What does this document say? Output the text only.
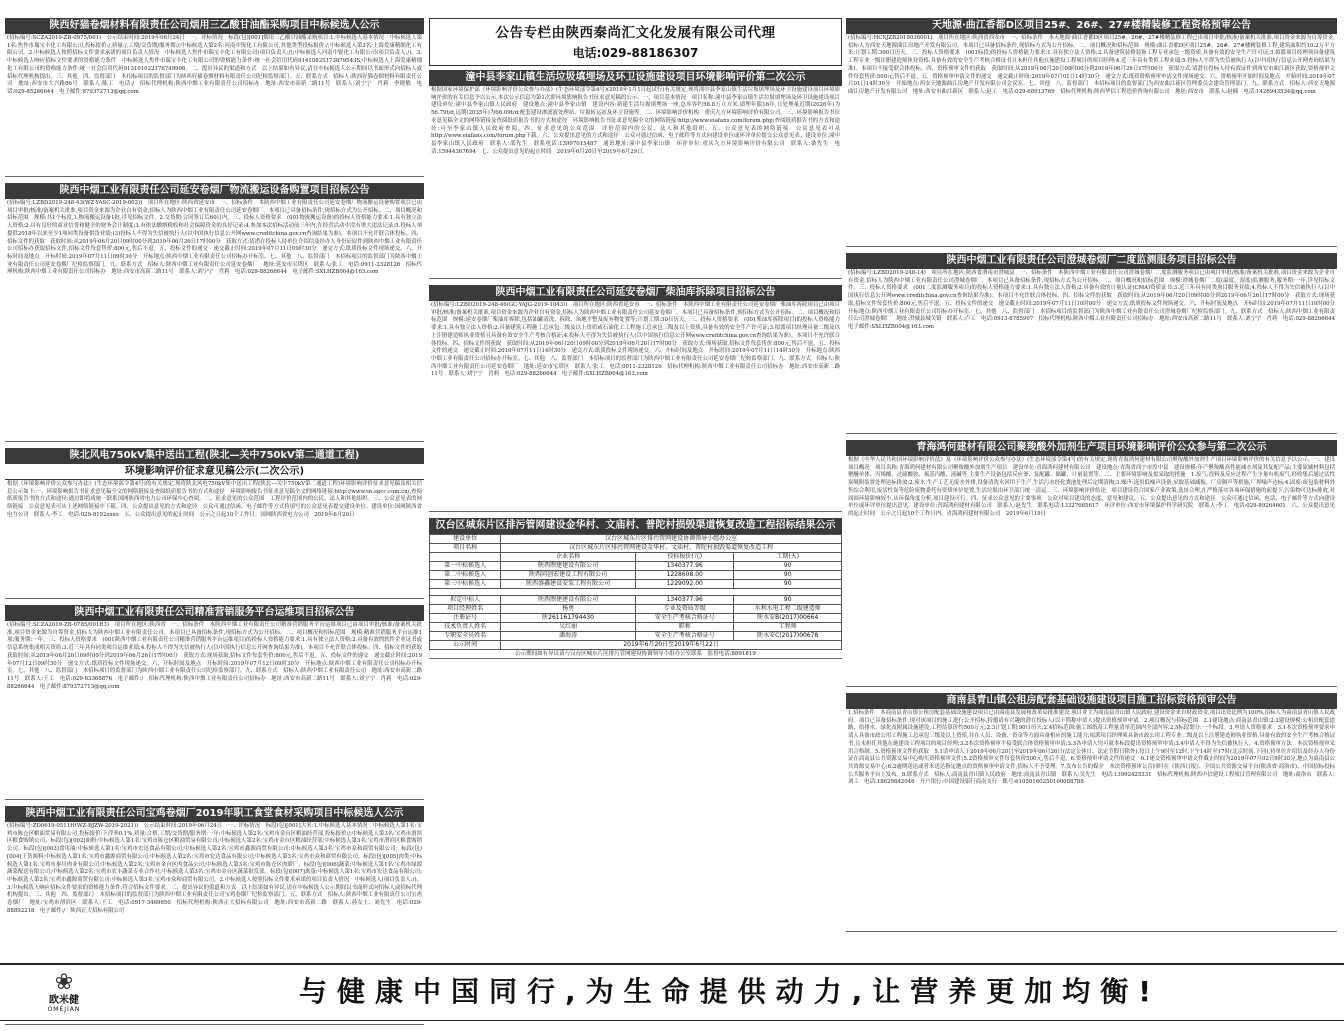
陕西好猫卷烟材料有限责任公司烟用三乙酸甘油酯采购项目中标候选人公示

(招标编号:SCZA2019-ZB-0975/001)　公示结束时间:2019年06月24日　一、评标情况　标段(包)[001]烟用三乙酸甘油酯采购项目:1.中标候选人基本情况　中标候选人第1名:焦作市瑞宝丰化工有限公司,投标报价:/,质量:/,工期/交货期/服务期:/;中标候选人第2名:河南中锐化工有限公司,其他类型投标报价:/;中标候选人第3名:上海爱康精细化工有限公司。2.中标候选人按照招标文件要求承诺的项目负责人情况　中标候选人焦作市瑞宝丰化工有限公司(项目负责人:/);中标候选人河南中锐化工有限公司(项目负责人:/)。3.中标候选人响应招标文件要求的资格能力条件　中标候选人焦作市瑞宝丰化工有限公司的资格能力条件:统一社会信用代码91410825173879543S;中标候选人上海爱康精细化工有限公司的资格能力条件:统一社会信用代码913101022176749906。二、提出异议的渠道和方式　以上结果如有异议,请在中标候选人公示期间以书面形式向招标人或招标代理机构提出。三、其他　四、监督部门　本招标项目的监督部门为陕西好猫卷烟材料有限责任公司纪检监察部门。五、联系方式　招标人:陕西好猫卷烟材料有限责任公司　地址:西安市大兴路86号　联系人:陈工　电话:/　招标代理机构:陕西中烟工业有限责任公司招标办　地址:西安市高新二路11号　联系人:刘宁宁　肖莉　李晓敏　电话:029-85266644　电子邮件:879372713@qq.com

陕西中烟工业有限责任公司延安卷烟厂物流搬运设备购置项目招标公告

(招标编号:LZBD2019-248-43(WZ-YASC-2019-002))　项目所在地区:陕西省延安市　一、招标条件　本陕西中烟工业有限责任公司延安卷烟厂物流搬运设备购置项目已由项目审批/核准/备案机关批准,项目资金来源为企业自有资金,招标人为陕西中烟工业有限责任公司延安卷烟厂。本项目已具备招标条件,现招标方式为公开招标。二、项目概况和招标范围　规模:共1个标段,1.物流搬运设备1批,详见招标文件。2.交货期:合同签订后60日内。三、投标人资格要求　(001物流搬运设备)的投标人资格能力要求:1.具有独立法人资格;2.具有良好的商业信誉和健全的财务会计制度;3.有依法缴纳税收和社会保障资金的良好记录;4.参加本次招标活动前三年内,在经营活动中没有重大违法记录;5.投标人须提供2018年以来至少1项同类设备供货业绩;(3)投标人不得为失信被执行人(以中国执行信息公开网www.creditchina.gov.cn查询结果为准)。本项目不允许联合体投标。四、招标文件的获取　获取时间:从2019年06月20日09时00分到2019年06月26日17时00分　获取方式:请潜在投标人持单位介绍信及经办人身份证原件到陕西中烟工业有限责任公司招标办获取招标文件,招标文件每套售价:800元,售后不退。五、投标文件的递交　递交截止时间:2019年07月11日09时30分　递交方式:纸质投标文件现场递交。六、开标时间及地点　开标时间:2019年07月11日09时30分　开标地点:陕西中烟工业有限责任公司招标办开标室。七、其他　八、监督部门　本招标项目的监督部门为陕西中烟工业有限责任公司延安卷烟厂纪检监察部门。九、联系方式　招标人:陕西中烟工业有限责任公司延安卷烟厂　地址:延安市宝塔区　联系人:张工　电话:0911-2328126　招标代理机构:陕西中烟工业有限责任公司招标办　地址:西安市高新二路11号　联系人:刘宁宁　肖莉　电话:029-88266644　电子邮件:SXLHZB004@163.com

陕北风电750kV集中送出工程(陕北—关中750kV第二通道工程)
环境影响评价征求意见稿公示(二次公示)

根据《环境影响评价公众参与办法》(生态环境部令第4号)的有关规定,现将陕北风电750kV集中送出工程(陕北—关中750kV第二通道工程)环境影响评价征求意见稿及相关信息公示如下:一、环境影响报告书征求意见稿全文的网络链接及查阅纸质报告书的方式和途径　环境影响报告书征求意见稿全文的网络链接:http://www.sn.sgcc.com.cn/,查阅纸质报告书的方式和途径:通过即将成统一联系国网陕西省电力公司环保中心查阅。二、征求意见的公众范围　工程评价范围内的公民、法人和其他组织。三、公众意见表的网络链接　公众意见表可从上述网络链接中下载。四、公众提出意见的方式和途径　公众可通过信函、电子邮件等方式将填写的公众意见表提交建设单位。建设单位:国网陕西省电力公司　联系人:李工　电话:029-8192xxxx　五、公众提出意见的起止时间　公示之日起10个工作日。国网陕西省电力公司　2019年6月20日

陕西中烟工业有限责任公司精准营销服务平台运维项目招标公告

(招标编号:SCZA2019-ZB-0785/001R3)　项目所在地区:陕西省　一、招标条件　本陕西中烟工业有限责任公司精准营销服务平台运维项目已由项目审批/核准/备案机关批准,项目资金来源为自筹资金,招标人为陕西中烟工业有限责任公司。本项目已具备招标条件,现招标方式为公开招标。二、项目概况和招标范围　规模:精准营销服务平台运维1项;服务期:一年。三、投标人资格要求　(001陕西中烟工业有限责任公司精准营销服务平台运维项目)的投标人资格能力要求:1.具有独立法人资格;2.具备有效的软件企业证书或信息系统集成相关资质;3.近三年具有同类项目运维业绩;4.投标人不得为失信被执行人(以中国执行信息公开网查询结果为准)。本项目不允许联合体投标。四、招标文件的获取　获取时间:从2019年06月20日09时00分到2019年06月26日17时00分　获取方式:现场获取,招标文件每套售价:800元,售后不退。五、投标文件的递交　递交截止时间:2019年07月12日09时30分　递交方式:纸质投标文件现场递交。六、开标时间及地点　开标时间:2019年07月12日09时30分　开标地点:陕西中烟工业有限责任公司招标办开标室。七、其他　八、监督部门　本招标项目的监督部门为陕西中烟工业有限责任公司纪检监察部门。九、联系方式　招标人:陕西中烟工业有限责任公司　地址:西安市高新二路11号　联系人:王工　电话:029-63368876　电子邮件:/　招标代理机构:陕西中烟工业有限责任公司招标办　地址:西安市高新二路11号　联系人:刘宁宁　肖莉　电话:029-88266644　电子邮件:879372713@qq.com

陕西中烟工业有限责任公司宝鸡卷烟厂2019年职工食堂食材采购项目中标候选人公示

(招标编号:ZD0619-0511H(WZ-BJZW-2019-2021))　公示结束时间:2019年06月24日　一、评标情况　标段(包)[001]大米:1.中标候选人基本情况　中标候选人第1名:宝鸡市陈仓区粮油贸易有限公司,投标报价:下浮率0.1%,质量:合格,工期/交货期/服务期:一年;中标候选人第2名:宝鸡市金台区粮油经营部,投标报价:/;中标候选人第3名:宝鸡市渭滨区粮食购销公司。标段(包)[002]面粉:中标候选人第1名:宝鸡市陈仓区粮油贸易有限公司;中标候选人第2名:宝鸡市金台区粮油经营部;中标候选人第3名:宝鸡市渭滨区粮食购销公司。标段(包)[003]食用油:中标候选人第1名:宝鸡市宏达食品有限公司;中标候选人第2名:宝鸡市鑫源商贸有限公司;中标候选人第3名:宝鸡市众和商贸有限公司。标段(包)[004]干货调料:中标候选人第1名:宝鸡市鑫源商贸有限公司;中标候选人第2名:宝鸡市宏达食品有限公司;中标候选人第3名:宝鸡市众和商贸有限公司。标段(包)[005]肉类:中标候选人第1名:宝鸡市秦川肉业有限公司;中标候选人第2名:宝鸡市金台区肉食品公司;中标候选人第3名:宝鸡市陈仓区肉联厂。标段(包)[006]蔬菜:中标候选人第1名:宝鸡市绿源蔬菜配送有限公司;中标候选人第2名:宝鸡市农丰蔬菜专业合作社;中标候选人第3名:宝鸡市金台区蔬菜批发部。标段(包)[007]禽蛋:中标候选人第1名:宝鸡市宏达食品有限公司;中标候选人第2名:宝鸡市鑫源商贸有限公司;中标候选人第3名:宝鸡市众和商贸有限公司。2.中标候选人按照招标文件要求承诺的项目负责人情况　中标候选人(项目负责人:/)。3.中标候选人响应招标文件要求的资格能力条件:符合招标文件要求。二、提出异议的渠道和方式　以上结果如有异议,请在中标候选人公示期间以书面形式向招标人或招标代理机构提出。三、其他　四、监督部门　本招标项目的监督部门为陕西中烟工业有限责任公司宝鸡卷烟厂纪检监察部门。五、联系方式　招标人:陕西中烟工业有限责任公司宝鸡卷烟厂　地址:宝鸡市渭滨区　联系人:王工　电话:0917-3469650　招标代理机构:陕西正大招标有限公司　地址:西安市高新二路　联系人:孙女士、刘先生　电话:029-88892218　电子邮件:/　陕西正大招标有限公司

公告专栏由陕西秦尚汇文化发展有限公司代理
电话:029-88186307
潼中县李家山镇生活垃圾填埋场及环卫设施建设项目环境影响评价第二次公示

根据国家环境保护部《环境影响评价公众参与办法》(生态环境部令第4号)(2019年1月1日起试行)有关规定,现将潼中县李家山镇生活垃圾填埋场及环卫设施建设项目环境影响评价的有关信息予以公示,本次公示信息为第1次即环境影响报告书征求意见稿的公示。一、项目基本情况　项目名称:潼中县李家山镇生活垃圾填埋场及环卫设施建设项目　建设单位:潼中县李家山镇人民政府　建设地点:潼中县李家山镇　建设内容:新建生活垃圾填埋场一座,总库容约58.8万立方米,填埋年限16年,日处理量近期(2026年)为56.79t/d,远期(2035年)为66.09t/d;配套建设渗滤液处理站、垃圾转运站及环卫设施等。二、环境影响评价机构　重庆九方环境影响评价有限公司。三、环境影响报告书征求意见稿全文的网络链接及查阅纸质报告书的方式和途径　环境影响报告书征求意见稿全文的网络链接:http://www.eiafans.com/forum.php;查阅纸质报告书的方式和途径:可至李家山镇人民政府查阅。四、征求意见的公众范围　评价范围内的公民、法人和其他组织。五、公众意见表的网络链接　公众意见表可从http://www.eiafans.com/forum.php下载。六、公众提出意见的方式和途径　公众可通过信函、电子邮件等方式向建设单位或环评单位提交公众意见表。建设单位:潼中县李家山镇人民政府　联系人:邵先生　联系电话:13997015487　通讯地址:潼中县李家山镇　环评单位:重庆九方环境影响评价有限公司　联系人:桑先生　电话:15944367694　七、公众提出意见的起止时间　2019年6月20日至2019年6月29日。

陕西中烟工业有限责任公司延安卷烟厂柴油库拆除项目招标公告

(招标编号:LZBD2019-248-46(GC-YAJG-2019-1043))　项目所在地区:陕西省延安市　一、招标条件　本陕西中烟工业有限责任公司延安卷烟厂柴油库拆除项目已由项目审批/核准/备案机关批准,项目资金来源为企业自有资金,招标人为陕西中烟工业有限责任公司延安卷烟厂。本项目已具备招标条件,现招标方式为公开招标。二、项目概况和招标范围　规模:延安卷烟厂柴油库拆除,包括油罐清洗、拆除、场地平整及废弃物处置等;计划工期:30日历天。三、投标人资格要求　(001柴油库拆除项目)的投标人资格能力要求:1.具有独立法人资格;2.具备建筑工程施工总承包三级及以上资质或石油化工工程施工总承包三级及以上资质,具备有效的安全生产许可证;3.拟派项目经理具备二级及以上注册建造师执业资格且具备有效安全生产考核合格证;4.投标人不得为失信被执行人(以中国执行信息公开网www.creditchina.gov.cn查询结果为准)。本项目不允许联合体投标。四、招标文件的获取　获取时间:从2019年06月20日09时00分到2019年06月26日17时00分　获取方式:现场获取,招标文件每套售价:800元,售后不退。五、投标文件的递交　递交截止时间:2019年07月11日14时30分　递交方式:纸质投标文件现场递交。六、开标时间及地点　开标时间:2019年07月11日14时30分　开标地点:陕西中烟工业有限责任公司招标办开标室。七、其他　八、监督部门　本招标项目的监督部门为陕西中烟工业有限责任公司延安卷烟厂纪检监察部门。九、联系方式　招标人:陕西中烟工业有限责任公司延安卷烟厂　地址:延安市宝塔区　联系人:张工　电话:0911-2328126　招标代理机构:陕西中烟工业有限责任公司招标办　地址:西安市高新二路11号　联系人:刘宁宁　肖莉　电话:029-88266644　电子邮件:SXLHZB004@163.com

汉台区城东片区排污管网建设金华村、文庙村、普陀村损毁渠道恢复改造工程招标结果公示
建设单位	汉台区城东片区排污管网建设协调领导小组办公室		
项目名称	汉台区城东片区排污管网建设金华村、文庙村、普陀村损毁渠道恢复改造工程		
	企业名称	投标报价(元)	工期(天)
第一中标候选人	陕西煦建建设有限公司	1340377.96	90
第二中标候选人	陕西同创宏建设工程有限公司	1228608.00	90
第三中标候选人	陕西盛鑫建设安装工程有限公司	1229092.00	90

拟定中标人	陕西煦建建设有限公司	1340377.96	90
项目经理姓名	杨勇	专业及资质等级	水利水电工程二级建造师
注册证号	陕261161794430	安全生产考核合格证号	陕水安B(2017)00664
技术负责人姓名	吴红丽	职称	工程师
专职安全员姓名	潘海涛	安全生产考核合格证号	陕水安C(2017)00678
公示时间	2019年6月20日至2019年6月22日		
公示期间如有异议请与汉台区城东片区排污管网建设协调领导小组办公室联系　监督电话:8891819
天地源·曲江香都D区项目25#、26#、27#楼精装修工程资格预审公告

(招标编号:HCSJZB2019036001)　项目所在地区:陕西省西安市　一、招标条件　本天地源·曲江香都D区项目25#、26#、27#楼精装修工程已由项目审批/核准/备案机关批准,项目资金来源为自筹资金,招标人为西安天地源曲江房地产开发有限公司。本项目已具备招标条件,现招标方式为公开招标。二、项目概况和招标范围　规模:曲江香都D区项目25#、26#、27#楼精装修工程,建筑面积约10.2万平方米;计划工期:300日历天。三、投标人资格要求　(001标段)的投标人资格能力要求:1.具有独立法人资格;2.具备建筑装修装饰工程专业承包一级资质,具备有效的安全生产许可证;3.拟派项目经理须具备建筑工程专业一级注册建造师执业资格,具备有效的安全生产考核合格证书且未担任其他在施建设工程项目的项目经理;4.近三年具有类似工程业绩;5.投标人不得为失信被执行人(以中国执行信息公开网查询结果为准)。本项目不接受联合体投标。四、资格预审文件的获取　获取时间:从2019年06月20日09时00分到2019年06月26日17时00分　获取方式:请潜在投标人持有效证件到西安市曲江新区获取,资格预审文件每套售价:500元,售后不退。五、资格预审申请文件的递交　递交截止时间:2019年07月01日14时30分　递交方式:纸质资格预审申请文件现场递交。六、资格预审开始时间及地点　开始时间:2019年07月01日14时30分　开始地点:西安天地源曲江房地产开发有限公司会议室。七、其他　八、监督部门　本招标项目的监督部门为西安曲江新区管理委员会建设管理部门。九、联系方式　招标人:西安天地源曲江房地产开发有限公司　地址:西安市曲江新区　联系人:赵工　电话:029-68913769　招标代理机构:陕西华信工程造价咨询有限公司　地址:西安市　联系人:赵楠　电话:1426943534@qq.com

陕西中烟工业有限责任公司澄城卷烟厂二度监测服务项目招标公告

(招标编号:LZBD2019-248-14)　项目所在地区:陕西省渭南市澄城县　一、招标条件　本陕西中烟工业有限责任公司澄城卷烟厂二度监测服务项目已由项目审批/核准/备案机关批准,项目资金来源为企业自有资金,招标人为陕西中烟工业有限责任公司澄城卷烟厂。本项目已具备招标条件,现招标方式为公开招标。二、项目概况和招标范围　规模:澄城卷烟厂二度(温度、湿度)监测服务,服务期:一年,详见招标文件。三、投标人资格要求　(001二度监测服务项目)的投标人资格能力要求:1.具有独立法人资格;2.具备有效的计量认证(CMA)资质证书;3.近三年具有同类项目服务业绩;4.投标人不得为失信被执行人(以中国执行信息公开网www.creditchina.gov.cn查询结果为准)。本项目不允许联合体投标。四、招标文件的获取　获取时间:从2019年06月20日09时00分到2019年06月26日17时00分　获取方式:现场获取,招标文件每套售价:800元,售后不退。五、投标文件的递交　递交截止时间:2019年07月11日10时00分　递交方式:纸质投标文件现场递交。六、开标时间及地点　开标时间:2019年07月11日10时00分　开标地点:陕西中烟工业有限责任公司招标办开标室。七、其他　八、监督部门　本招标项目的监督部门为陕西中烟工业有限责任公司澄城卷烟厂纪检监察部门。九、联系方式　招标人:陕西中烟工业有限责任公司澄城卷烟厂　地址:澄城县城关镇　联系人:卢工　电话:0913-6785907　招标代理机构:陕西中烟工业有限责任公司招标办　地址:西安市高新二路11号　联系人:刘宁宁　肖莉　电话:029-88266644　电子邮件:SXLHZB004@163.com

青海鸿何建材有限公司聚羧酸外加剂生产项目环境影响评价公众参与第二次公示

根据《中华人民共和国环境影响评价法》及《环境影响评价公众参与办法》(生态环境部令第4号)的有关规定,现将青海鸿何建材有限公司聚羧酸外加剂生产项目环境影响评价的有关信息予以公示。一、建设项目概况　项目名称:青海鸿何建材有限公司聚羧酸外加剂生产项目　建设单位:青海鸿何建材有限公司　建设地点:青海省西宁市湟中县　建设规模:年产聚羧酸高性能减水剂及其复配产品;主要原辅材料包括聚醚单体、丙烯酸、过硫酸铵、巯基丙酸、液碱等,主要生产设备包括反应釜、复配罐、储罐、计量装置等。二、主要环境影响及拟采取的措施　1.废气:投料及反应过程产生少量有机废气,经收集后通过活性炭吸附装置处理达标排放;2.废水:生产工艺无废水外排,设备清洗水回用于生产,生活污水经化粪池处理后定期清掏;3.噪声:选用低噪声设备,采取基础减振、厂房隔声等措施,厂界噪声达标;4.固废:废包装材料外售综合利用,废活性炭等危险废物委托有资质单位处置,生活垃圾由环卫部门统一清运。三、环境影响评价结论　项目建设符合国家产业政策,选址合理,在严格落实各项环保措施的前提下,污染物可达标排放,对周围环境影响较小,从环保角度分析,项目建设可行。四、征求公众意见的主要事项　公众对项目建设的态度、意见和建议。五、公众提出意见的方式和途径　公众可通过信函、电话、电子邮件等方式向建设单位或环评单位提出意见。建设单位:青海鸿何建材有限公司　联系人:赵先生　联系电话:13327665617　环评单位:西安市环境保护科学研究院　联系人:李工　电话:029-89264601　六、公众提出意见的起止时间　公示之日起10个工作日内。青海鸿何建材有限公司　2019年6月19日

商南县青山镇公租房配套基础设施建设项目施工招标资格预审公告

1.招标条件　本商南县青山镇公租房配套基础设施建设项目已由商南县发展和改革局批准建设,项目业主为商南县青山镇人民政府,建设资金来自财政资金,项目出资比例为100%,招标人为商南县青山镇人民政府。项目已具备招标条件,现对该项目的施工进行公开招标,特邀请有兴趣的潜在投标人(以下简称申请人)提出资格预审申请。2.项目概况与招标范围　2.1建设地点:商南县青山镇;2.2建设规模:公租房配套道路、给排水、绿化及附属设施建设,工程估算价约500万元;2.3计划工期:90日历天;2.4招标范围:施工图纸及工程量清单范围内全部内容;2.5标段划分:一个标段。3.申请人资格要求　3.1本次资格预审要求申请人具备市政公用工程施工总承包三级及以上资质,并在人员、设备、资金等方面具备相应的施工能力;拟派项目经理须具备市政公用工程专业二级及以上注册建造师执业资格,具备有效的安全生产考核合格证书,且未担任其他在施建设工程项目的项目经理;3.2本次资格预审不接受联合体资格预审申请;3.3各申请人均可就本标段提出资格预审申请;3.4申请人不得为失信被执行人。4.资格预审方法　本次资格预审采用合格制。5.资格预审文件的获取　5.1请申请人于2019年06月20日至2019年06月26日(法定公休日、法定节假日除外),每日上午9时至12时,下午14时至17时(北京时间,下同),持单位介绍信及经办人身份证在商南县公共资源交易中心购买资格预审文件;5.2资格预审文件每套售价500元,售后不退。6.资格预审申请文件的递交　6.1递交资格预审申请文件截止时间为2019年07月02日9时30分,地点为商南县公共资源交易中心;6.2逾期送达或者未送达指定地点的资格预审申请文件,招标人不予受理。7.发布公告的媒介　本次资格预审公告同时在《陕西日报》、全国公共资源交易平台(陕西省·商洛市)、中国招标投标公共服务平台上发布。8.联系方式　招标人:商南县青山镇人民政府　地址:商南县青山镇　联系人:吴先生　电话:13992425331　招标代理机构:陕西中信建设工程项目管理有限公司　地址:商洛市　联系人:刘工　电话:18629842046　开户银行:中国建设银行商南支行　账号:61050160250100008788

❀
欧米健
OMEJIAN
与健康中国同行,为生命提供动力,让营养更加均衡!
